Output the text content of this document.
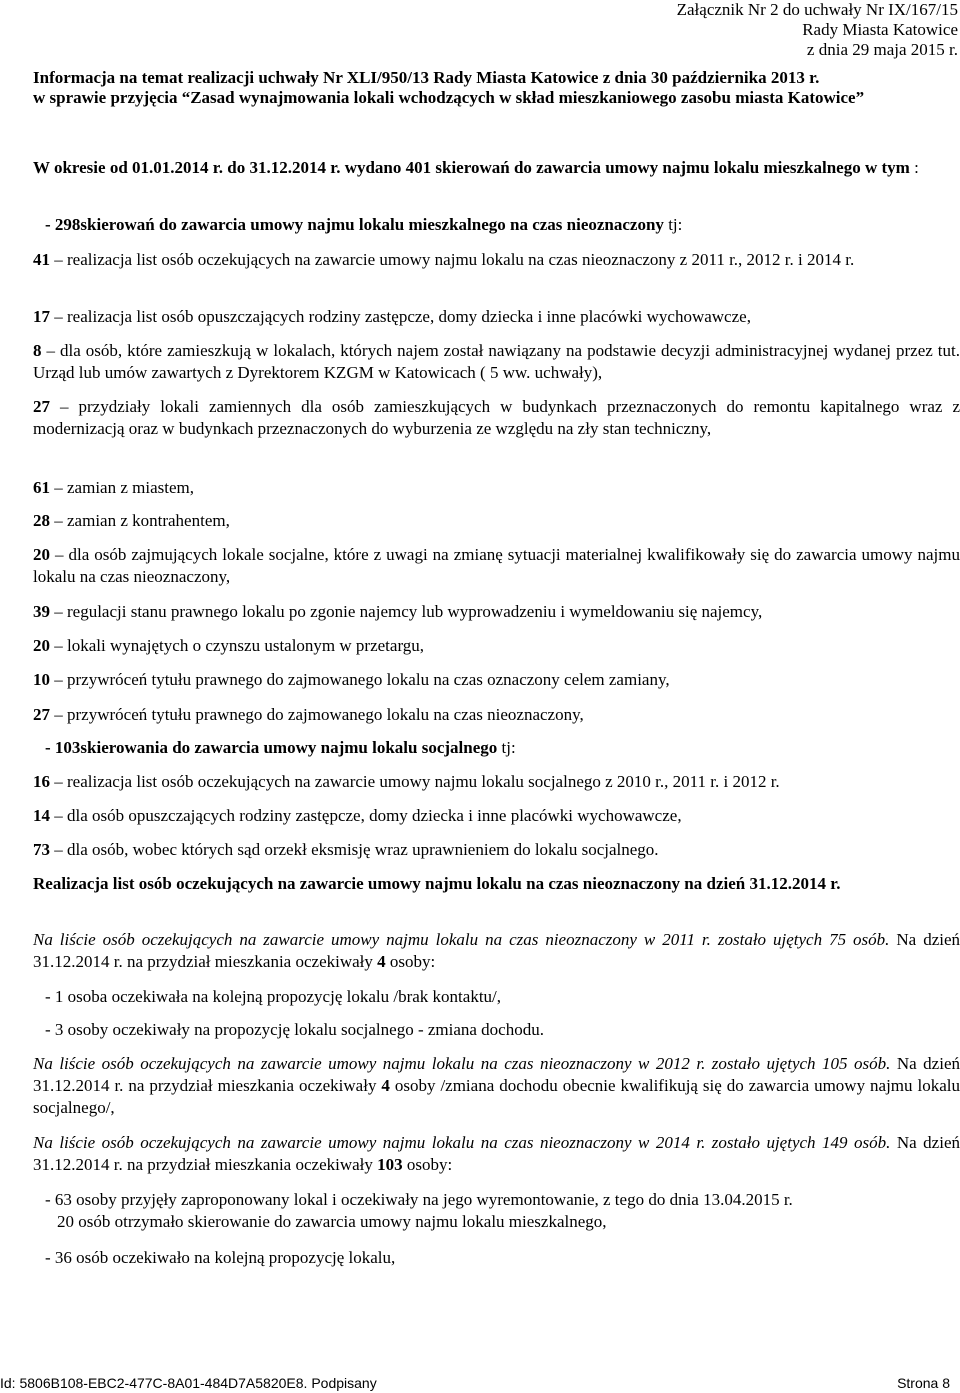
Załącznik Nr 2 do uchwały Nr IX/167/15
Rady Miasta Katowice
z dnia 29 maja 2015 r.
Informacja na temat realizacji uchwały Nr XLI/950/13 Rady Miasta Katowice z dnia 30 października 2013 r.
w sprawie przyjęcia “Zasad wynajmowania lokali wchodzących w skład mieszkaniowego zasobu miasta Katowice”
W okresie od 01.01.2014 r. do 31.12.2014 r. wydano 401 skierowań do zawarcia umowy najmu lokalu mieszkalnego w tym :
- 298skierowań do zawarcia umowy najmu lokalu mieszkalnego na czas nieoznaczony tj:
41 – realizacja list osób oczekujących na zawarcie umowy najmu lokalu na czas nieoznaczony z 2011 r., 2012 r. i 2014 r.
17 – realizacja list osób opuszczających rodziny zastępcze, domy dziecka i inne placówki wychowawcze,
8 – dla osób, które zamieszkują w lokalach, których najem został nawiązany na podstawie decyzji administracyjnej wydanej przez tut. Urząd lub umów zawartych z Dyrektorem KZGM w Katowicach ( 5 ww. uchwały),
27 – przydziały lokali zamiennych dla osób zamieszkujących w budynkach przeznaczonych do remontu kapitalnego wraz z modernizacją oraz w budynkach przeznaczonych do wyburzenia ze względu na zły stan techniczny,
61 – zamian z miastem,
28 – zamian z kontrahentem,
20 – dla osób zajmujących lokale socjalne, które z uwagi na zmianę sytuacji materialnej kwalifikowały się do zawarcia umowy najmu lokalu na czas nieoznaczony,
39 – regulacji stanu prawnego lokalu po zgonie najemcy lub wyprowadzeniu i wymeldowaniu się najemcy,
20 – lokali wynajętych o czynszu ustalonym w przetargu,
10 – przywróceń tytułu prawnego do zajmowanego lokalu na czas oznaczony celem zamiany,
27 – przywróceń tytułu prawnego do zajmowanego lokalu na czas nieoznaczony,
- 103skierowania do zawarcia umowy najmu lokalu socjalnego tj:
16 – realizacja list osób oczekujących na zawarcie umowy najmu lokalu socjalnego z 2010 r., 2011 r. i 2012 r.
14 – dla osób opuszczających rodziny zastępcze, domy dziecka i inne placówki wychowawcze,
73 – dla osób, wobec których sąd orzekł eksmisję wraz uprawnieniem do lokalu socjalnego.
Realizacja list osób oczekujących na zawarcie umowy najmu lokalu na czas nieoznaczony na dzień 31.12.2014 r.
Na liście osób oczekujących na zawarcie umowy najmu lokalu na czas nieoznaczony w 2011 r. zostało ujętych 75 osób. Na dzień 31.12.2014 r. na przydział mieszkania oczekiwały 4 osoby:
- 1 osoba oczekiwała na kolejną propozycję lokalu /brak kontaktu/,
- 3 osoby oczekiwały na propozycję lokalu socjalnego - zmiana dochodu.
Na liście osób oczekujących na zawarcie umowy najmu lokalu na czas nieoznaczony w 2012 r. zostało ujętych 105 osób. Na dzień 31.12.2014 r. na przydział mieszkania oczekiwały 4 osoby /zmiana dochodu obecnie kwalifikują się do zawarcia umowy najmu lokalu socjalnego/,
Na liście osób oczekujących na zawarcie umowy najmu lokalu na czas nieoznaczony w 2014 r. zostało ujętych 149 osób. Na dzień 31.12.2014 r. na przydział mieszkania oczekiwały 103 osoby:
- 63 osoby przyjęły zaproponowany lokal i oczekiwały na jego wyremontowanie, z tego do dnia 13.04.2015 r.
20 osób otrzymało skierowanie do zawarcia umowy najmu lokalu mieszkalnego,
- 36 osób oczekiwało na kolejną propozycję lokalu,
Id: 5806B108-EBC2-477C-8A01-484D7A5820E8. Podpisany	Strona 8
